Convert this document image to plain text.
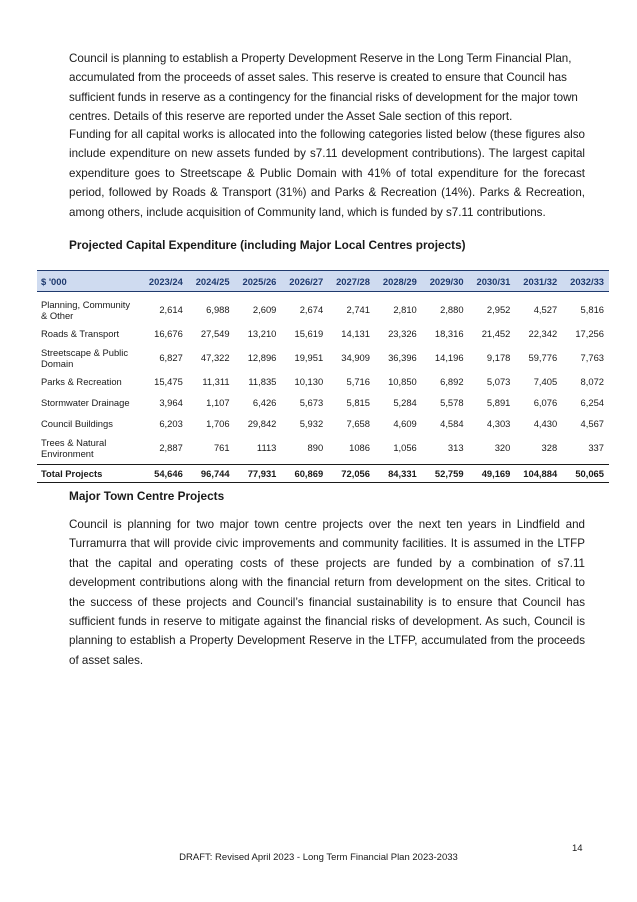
Council is planning to establish a Property Development Reserve in the Long Term Financial Plan, accumulated from the proceeds of asset sales. This reserve is created to ensure that Council has sufficient funds in reserve as a contingency for the financial risks of development for the major town centres. Details of this reserve are reported under the Asset Sale section of this report.

Funding for all capital works is allocated into the following categories listed below (these figures also include expenditure on new assets funded by s7.11 development contributions). The largest capital expenditure goes to Streetscape & Public Domain with 41% of total expenditure for the forecast period, followed by Roads & Transport (31%) and Parks & Recreation (14%). Parks & Recreation, among others, include acquisition of Community land, which is funded by s7.11 contributions.

Projected Capital Expenditure (including Major Local Centres projects)
$ '000	2023/24	2024/25	2025/26	2026/27	2027/28	2028/29	2029/30	2030/31	2031/32	2032/33
Planning, Community & Other	2,614	6,988	2,609	2,674	2,741	2,810	2,880	2,952	4,527	5,816
Roads & Transport	16,676	27,549	13,210	15,619	14,131	23,326	18,316	21,452	22,342	17,256
Streetscape & Public Domain	6,827	47,322	12,896	19,951	34,909	36,396	14,196	9,178	59,776	7,763
Parks & Recreation	15,475	11,311	11,835	10,130	5,716	10,850	6,892	5,073	7,405	8,072
Stormwater Drainage	3,964	1,107	6,426	5,673	5,815	5,284	5,578	5,891	6,076	6,254
Council Buildings	6,203	1,706	29,842	5,932	7,658	4,609	4,584	4,303	4,430	4,567
Trees & Natural Environment	2,887	761	1113	890	1086	1,056	313	320	328	337
Total Projects	54,646	96,744	77,931	60,869	72,056	84,331	52,759	49,169	104,884	50,065
Major Town Centre Projects

Council is planning for two major town centre projects over the next ten years in Lindfield and Turramurra that will provide civic improvements and community facilities. It is assumed in the LTFP that the capital and operating costs of these projects are funded by a combination of s7.11 development contributions along with the financial return from development on the sites. Critical to the success of these projects and Council’s financial sustainability is to ensure that Council has sufficient funds in reserve to mitigate against the financial risks of development. As such, Council is planning to establish a Property Development Reserve in the LTFP, accumulated from the proceeds of asset sales.

14
DRAFT: Revised April 2023 - Long Term Financial Plan 2023-2033
